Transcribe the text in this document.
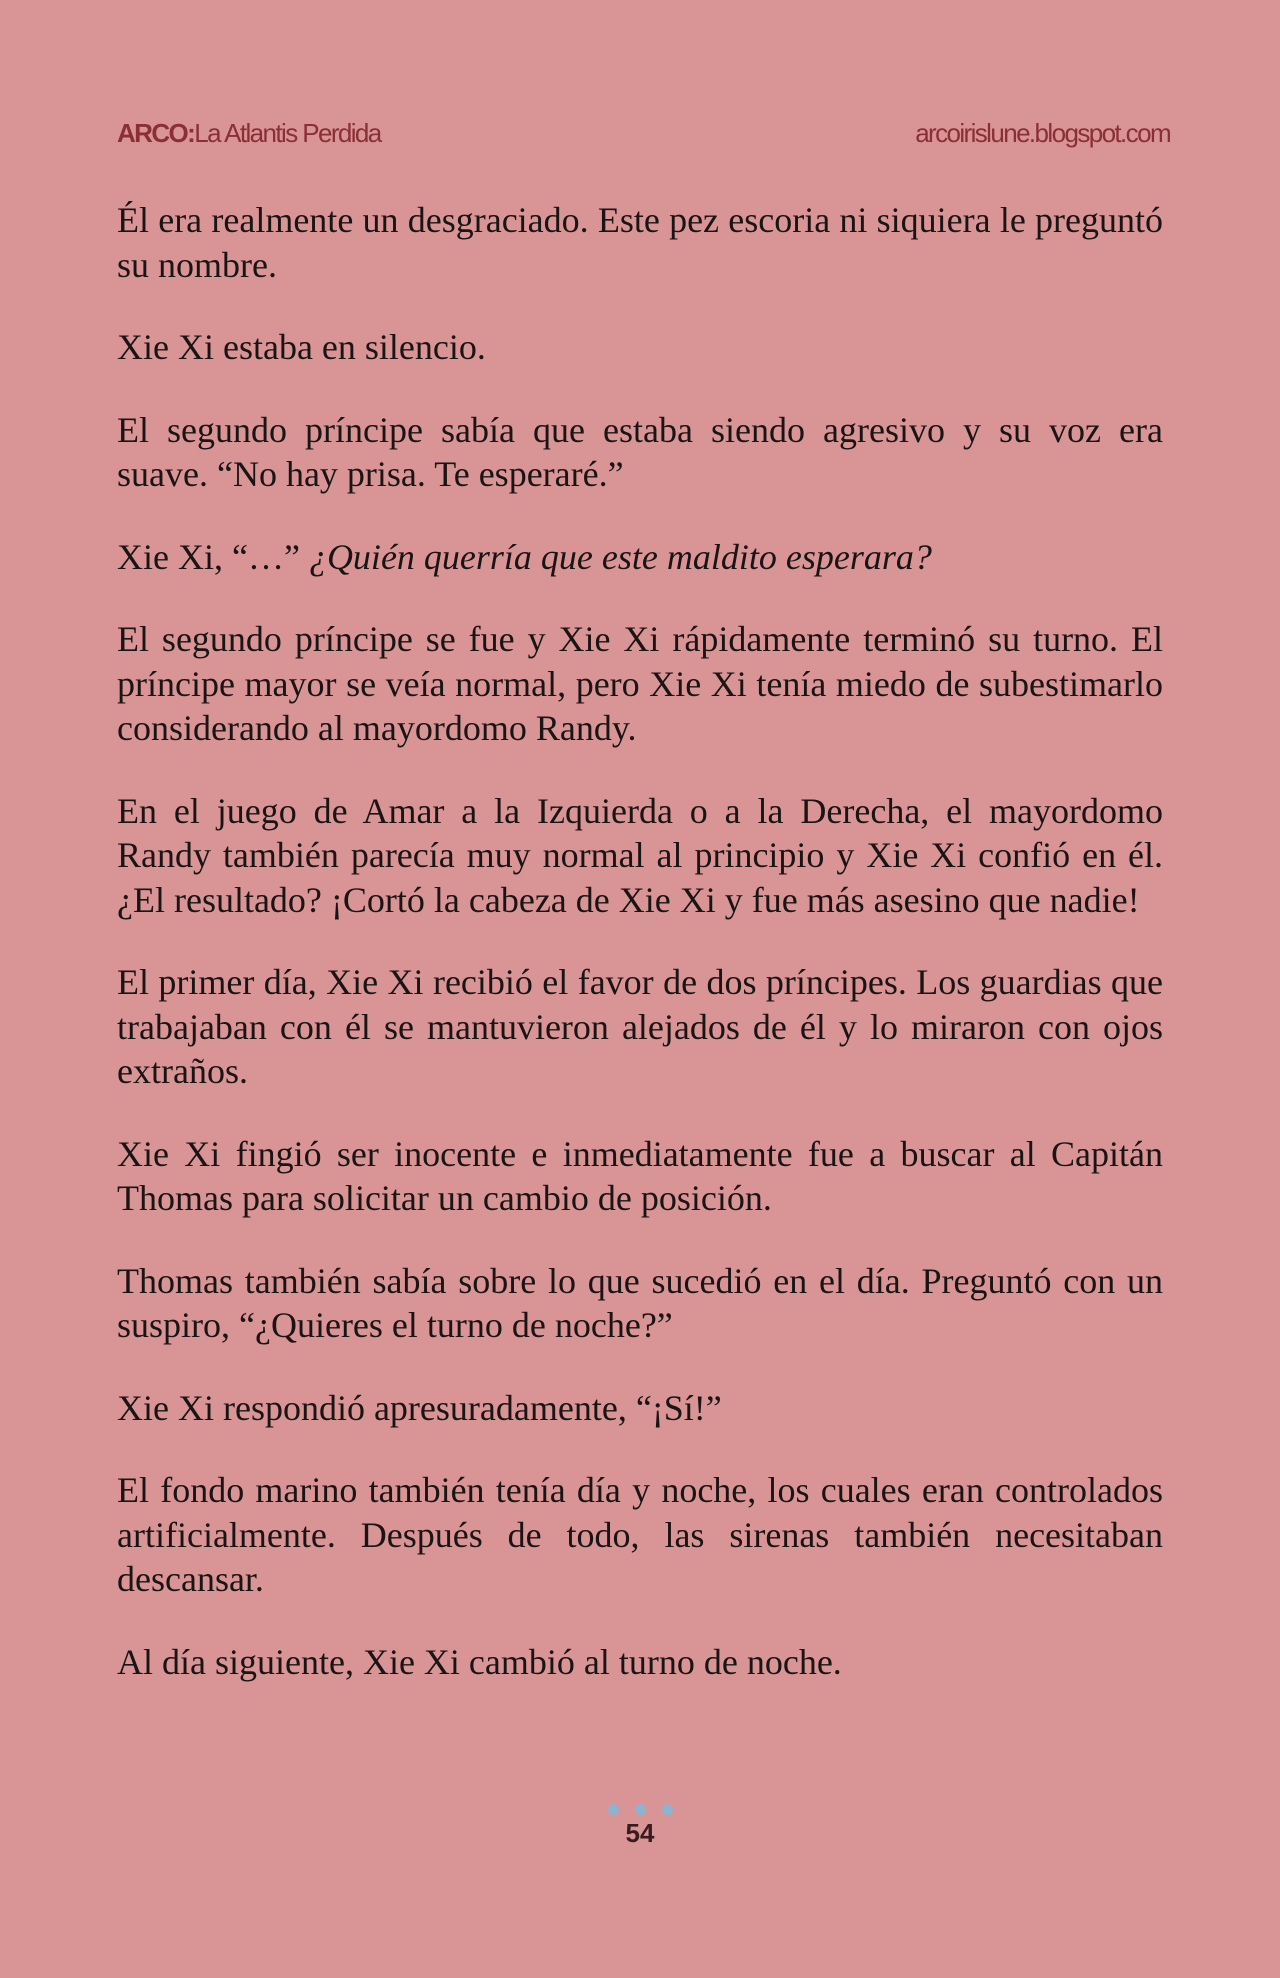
ARCO:La Atlantis Perdida	arcoirislune.blogspot.com

Él era realmente un desgraciado. Este pez escoria ni siquiera le preguntó su nombre.

Xie Xi estaba en silencio.

El segundo príncipe sabía que estaba siendo agresivo y su voz era suave. “No hay prisa. Te esperaré.”

Xie Xi, “…” ¿Quién querría que este maldito esperara?

El segundo príncipe se fue y Xie Xi rápidamente terminó su turno. El príncipe mayor se veía normal, pero Xie Xi tenía miedo de subestimarlo considerando al mayordomo Randy.

En el juego de Amar a la Izquierda o a la Derecha, el mayordomo Randy también parecía muy normal al principio y Xie Xi confió en él. ¿El resultado? ¡Cortó la cabeza de Xie Xi y fue más asesino que nadie!

El primer día, Xie Xi recibió el favor de dos príncipes. Los guardias que trabajaban con él se mantuvieron alejados de él y lo miraron con ojos extraños.

Xie Xi fingió ser inocente e inmediatamente fue a buscar al Capitán Thomas para solicitar un cambio de posición.

Thomas también sabía sobre lo que sucedió en el día. Preguntó con un suspiro, “¿Quieres el turno de noche?”

Xie Xi respondió apresuradamente, “¡Sí!”

El fondo marino también tenía día y noche, los cuales eran controlados artificialmente. Después de todo, las sirenas también necesitaban descansar.

Al día siguiente, Xie Xi cambió al turno de noche.

54
